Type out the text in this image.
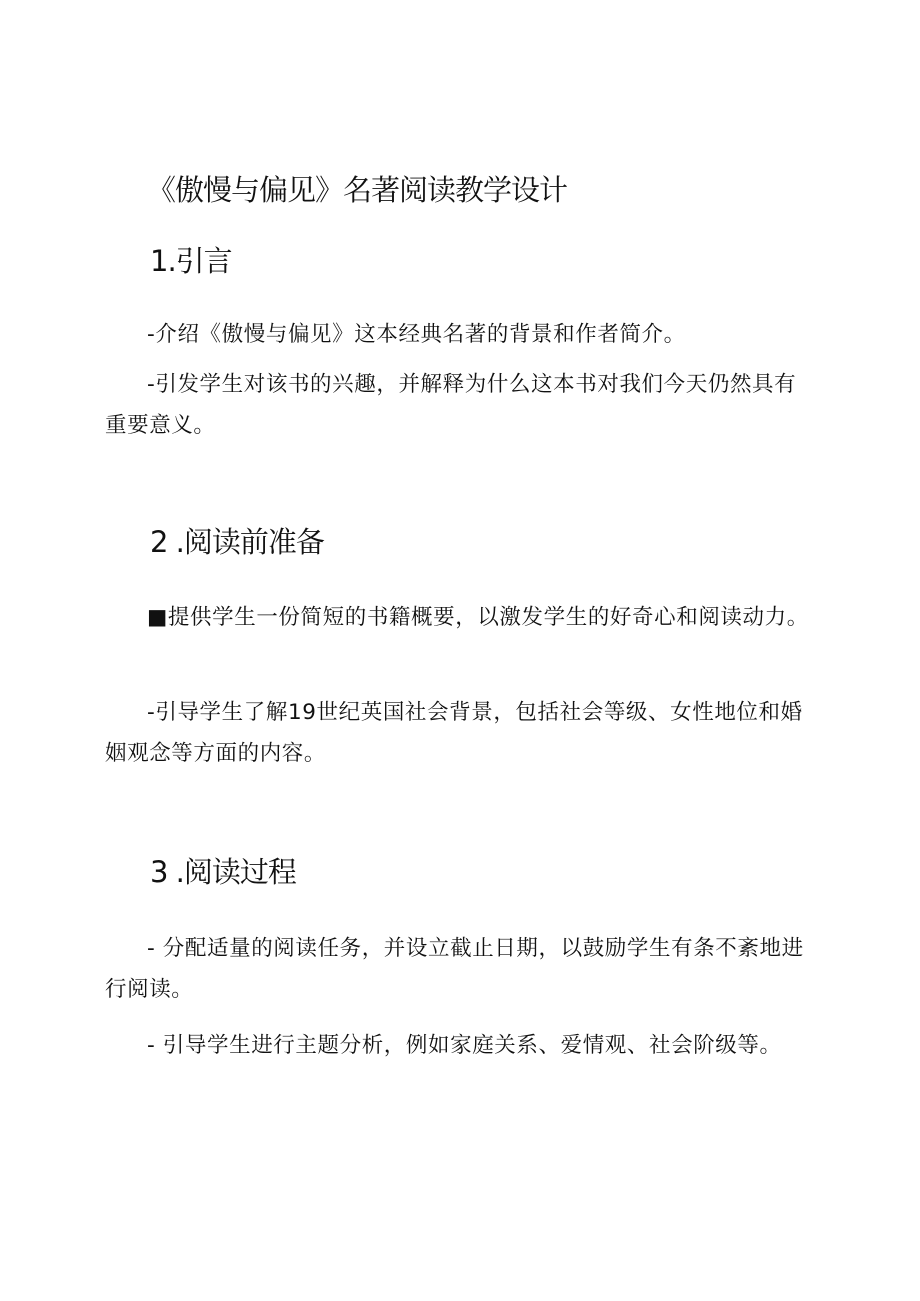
《傲慢与偏见》名著阅读教学设计
1.引言
-介绍《傲慢与偏见》这本经典名著的背景和作者简介。
-引发学生对该书的兴趣，并解释为什么这本书对我们今天仍然具有重要意义。
2 .阅读前准备
■提供学生一份简短的书籍概要，以激发学生的好奇心和阅读动力。
-引导学生了解19世纪英国社会背景，包括社会等级、女性地位和婚姻观念等方面的内容。
3 .阅读过程
- 分配适量的阅读任务，并设立截止日期，以鼓励学生有条不紊地进行阅读。
- 引导学生进行主题分析，例如家庭关系、爱情观、社会阶级等。
